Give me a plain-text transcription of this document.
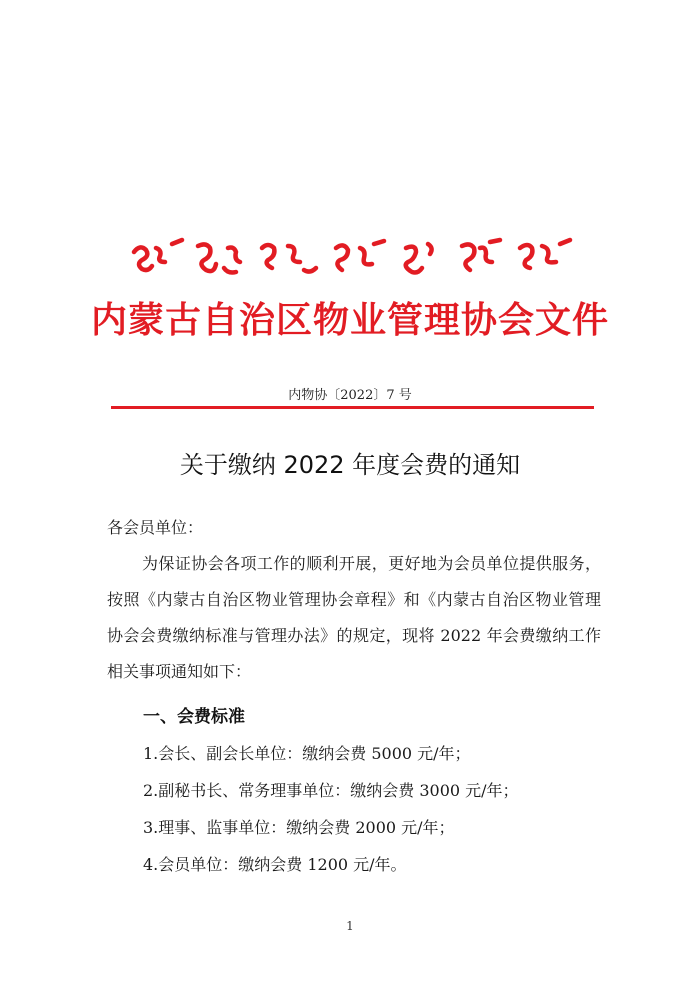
内蒙古自治区物业管理协会文件
内物协〔2022〕7 号
关于缴纳 2022 年度会费的通知
各会员单位：
为保证协会各项工作的顺利开展，更好地为会员单位提供服务，按照《内蒙古自治区物业管理协会章程》和《内蒙古自治区物业管理协会会费缴纳标准与管理办法》的规定，现将 2022 年会费缴纳工作相关事项通知如下：
一、会费标准
1.会长、副会长单位：缴纳会费 5000 元/年；
2.副秘书长、常务理事单位：缴纳会费 3000 元/年；
3.理事、监事单位：缴纳会费 2000 元/年；
4.会员单位：缴纳会费 1200 元/年。
1
